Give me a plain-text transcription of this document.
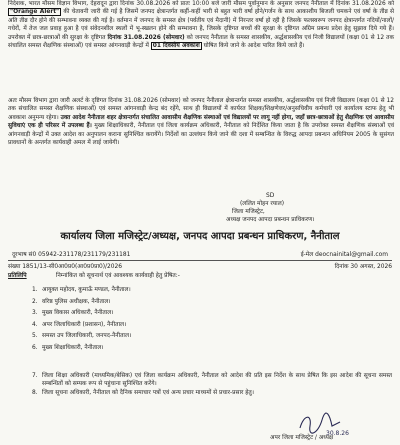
निदेशक, भारत मौसम विज्ञान विभाग, देहरादून द्वारा दिनांक 30.08.2026 को प्रातः 10:00 बजे जारी मौसम पूर्वानुमान के अनुसार जनपद नैनीताल में दिनांक 31.08.2026 को "Orange Alert" की चेतावनी जारी की गई है जिसमें जनपद क्षेत्रान्तर्गत कहीं-कहीं भारी से बहुत भारी वर्षा होने/गर्जन के साथ आकाशीय बिजली चमकने एवं वर्षा के तीव्र से अति तीव्र दौर होने की सम्भावना व्यक्त की गई है। वर्तमान में जनपद के समस्त क्षेत्र (पर्वतीय एवं मैदानी) में निरन्तर वर्षा हो रही है जिसके फलस्वरूप जनपद क्षेत्रान्तर्गत नदियों/नालों/गधेरों, में तेज जल प्रवाह हुआ है एवं संवेदनशील स्थलों में भू-स्खलन होने की सम्भावना है, जिसके दृष्टिगत बच्चों की सुरक्षा के दृष्टिगत अग्रिम प्रबन्ध प्रदेश हेतु सुझाव दिये गये हैं। उपरोक्त में छात्र-छात्राओं की सुरक्षा के दृष्टिगत दिनांक 31.08.2026 (सोमवार) को जनपद नैनीताल के समस्त शासकीय, अर्द्धशासकीय एवं निजी विद्यालयों (कक्षा 01 से 12 तक संचालित समस्त शैक्षणिक संस्थाओं) एवं समस्त आंगनवाड़ी केन्द्रों में 01 दिवसीय अवकाश घोषित किये जाने के आदेश पारित किये जाते हैं।

अतः मौसम विभाग द्वारा जारी अलर्ट के दृष्टिगत दिनांक 31.08.2026 (सोमवार) को जनपद नैनीताल क्षेत्रान्तर्गत समस्त शासकीय, अर्द्धशासकीय एवं निजी विद्यालय (कक्षा 01 से 12 तक संचालित समस्त शैक्षणिक संस्थाओं) एवं समस्त आंगनवाड़ी केन्द्र बंद रहेंगे, साथ ही विद्यालयों में कार्यरत शिक्षक/शिक्षणेत्तर/अनुसचिवीय कर्मचारी एवं कार्यालय स्टाफ हेतु भी अवकाश अनुमन्य रहेगा। उक्त आदेश नैनीताल शहर क्षेत्रान्तर्गत संचालित आवासीय शैक्षणिक संस्थाओं एवं विद्यालयों पर लागू नहीं होगा, जहाँ छात्र-छात्राओं हेतु शैक्षणिक एवं आवासीय सुविधाएं एक ही परिसर में उपलब्ध हैं। मुख्य शिक्षाधिकारी, नैनीताल एवं जिला कार्यक्रम अधिकारी, नैनीताल को निर्देशित किया जाता है कि उपरोक्त समस्त शैक्षणिक संस्थाओं एवं आंगनवाड़ी केन्द्रों में उक्त आदेश का अनुपालन कराना सुनिश्चित करायेंगे। निर्देशों का उल्लंघन किये जाने की दशा में सम्बन्धित के विरुद्ध आपदा प्रबन्धन अधिनियम 2005 के सुसंगत प्रावधानों के अन्तर्गत कार्यवाही अमल में लाई जायेगी।

SD
(ललित मोहन रयाल)
जिला मजिस्ट्रेट,
अध्यक्ष जनपद आपदा प्रबन्धन प्राधिकरण।
कार्यालय जिला मजिस्ट्रेट/अध्यक्ष, जनपद आपदा प्रबन्धन प्राधिकरण, नैनीताल
दूरभाष सं0 05942-231178/231179/231181	ई-मेल deocnainital@gmail.com
संख्या 1851/13-सी0आ0प्र0(आ0प्र0प्रा0)/2026	दिनांक 30 अगस्त, 2026
प्रतिलिपि	निम्नांकित को सूचनार्थ एवं आवश्यक कार्यवाही हेतु प्रेषित:-
1. आयुक्त महोदय, कुमाऊँ मण्डल, नैनीताल।
2. वरिष्ठ पुलिस अधीक्षक, नैनीताल।
3. मुख्य विकास अधिकारी, नैनीताल।
4. अपर जिलाधिकारी (प्रशासन), नैनीताल।
5. समस्त उप जिलाधिकारी, जनपद-नैनीताल।
6. मुख्य शिक्षाधिकारी, नैनीताल।
7. जिला शिक्षा अधिकारी (माध्यमिक/बेसिक) एवं जिला कार्यक्रम अधिकारी, नैनीताल को आदेश की प्रति इस निर्देश के साथ प्रेषित कि इस आदेश की सूचना समस्त सम्बन्धितों को सम्यक रूप से पहुंचाना सुनिश्चित करेंगे।
8. जिला सूचना अधिकारी, नैनीताल को दैनिक समाचार पत्रों एवं अन्य प्रचार माध्यमों से प्रचार-प्रसार हेतु।
30.8.26
अपर जिला मजिस्ट्रेट / अध्यक्ष
